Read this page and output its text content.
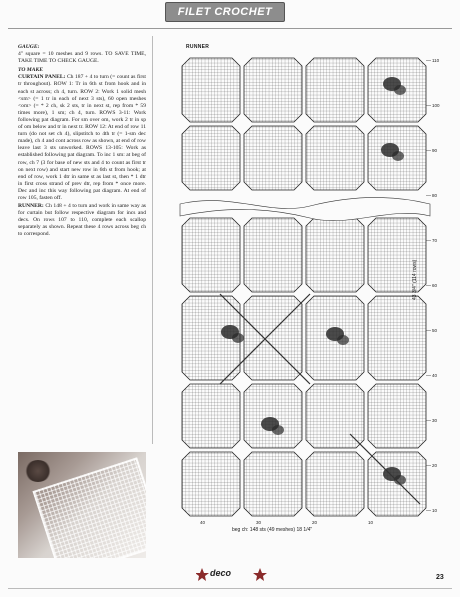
FILET CROCHET

GAUGE:
4" square = 10 meshes and 9 rows. TO SAVE TIME, TAKE TIME TO CHECK GAUGE.

TO MAKE
CURTAIN PANEL: Ch 187 + 4 to turn (= count as first tr throughout). ROW 1: Tr in 6th st from hook and in each st across; ch 4, turn. ROW 2: Work 1 solid mesh <sm> (= 1 tr in each of next 3 sts), 60 open meshes <om> (= * 2 ch, sk 2 sts, tr in next st, rep from * 59 times more), 1 sm; ch 4, turn. ROWS 3-11: Work following pat diagram. For sm over om, work 2 tr in sp of om below and tr in next tr. ROW 12: At end of row 11 turn (do not set ch 4), slipstitch to 4th tr (= 1-sm dec made), ch 4 and cont across row as shown, at end of row leave last 3 sts unworked. ROWS 13-105: Work as established following pat diagram. To inc 1 sm: at beg of row, ch 7 (3 for base of new sts and 4 to count as first tr on next row) and start new row in 6th st from hook; at end of row, work 1 dtr in same st as last st, then * 1 dtr in first cross strand of prev dtr, rep from * once more. Dec and inc this way following pat diagram. At end of row 105, fasten off.

RUNNER: Ch 148 + 4 to turn and work in same way as for curtain but follow respective diagram for incs and decs. On rows 107 to 110, complete each scallop separately as shown. Repeat these 4 rows across beg ch to correspond.

110
100
90
80
70
60
50
40
30
20
10
40	30	20	10
RUNNER
43 3/4" (114 rows)
beg ch: 148 sts (49 meshes) 18 1/4"
deco	23
